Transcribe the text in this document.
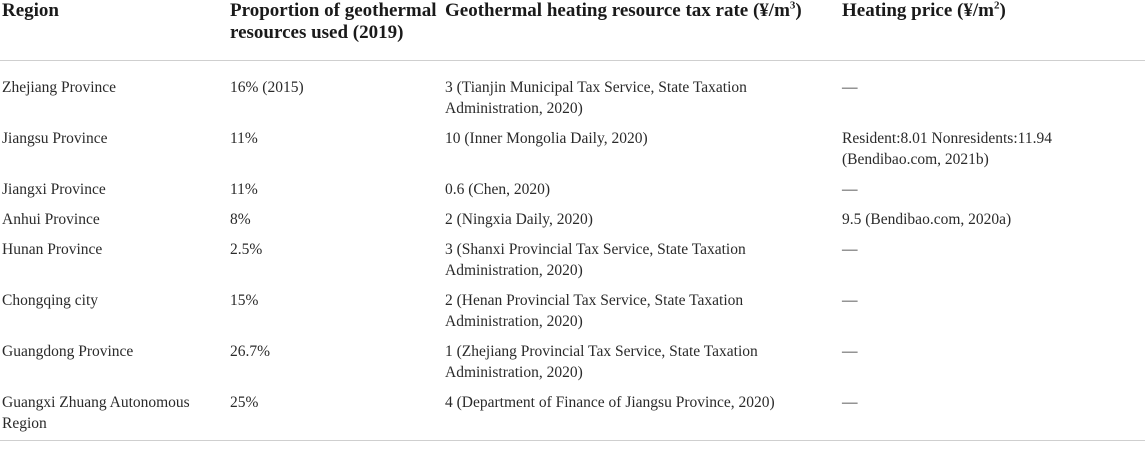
Region	Proportion of geothermal resources used (2019)	Geothermal heating resource tax rate $(¥/m^3)$	Heating price $(¥/m^2)$
Zhejiang Province	16% (2015)	3 (Tianjin Municipal Tax Service, State Taxation Administration, 2020)	—
Jiangsu Province	11%	10 (Inner Mongolia Daily, 2020)	Resident:8.01 Nonresidents:11.94 (Bendibao.com, 2021b)
Jiangxi Province	11%	0.6 (Chen, 2020)	—
Anhui Province	8%	2 (Ningxia Daily, 2020)	9.5 (Bendibao.com, 2020a)
Hunan Province	2.5%	3 (Shanxi Provincial Tax Service, State Taxation Administration, 2020)	—
Chongqing city	15%	2 (Henan Provincial Tax Service, State Taxation Administration, 2020)	—
Guangdong Province	26.7%	1 (Zhejiang Provincial Tax Service, State Taxation Administration, 2020)	—
Guangxi Zhuang Autonomous Region	25%	4 (Department of Finance of Jiangsu Province, 2020)	—
